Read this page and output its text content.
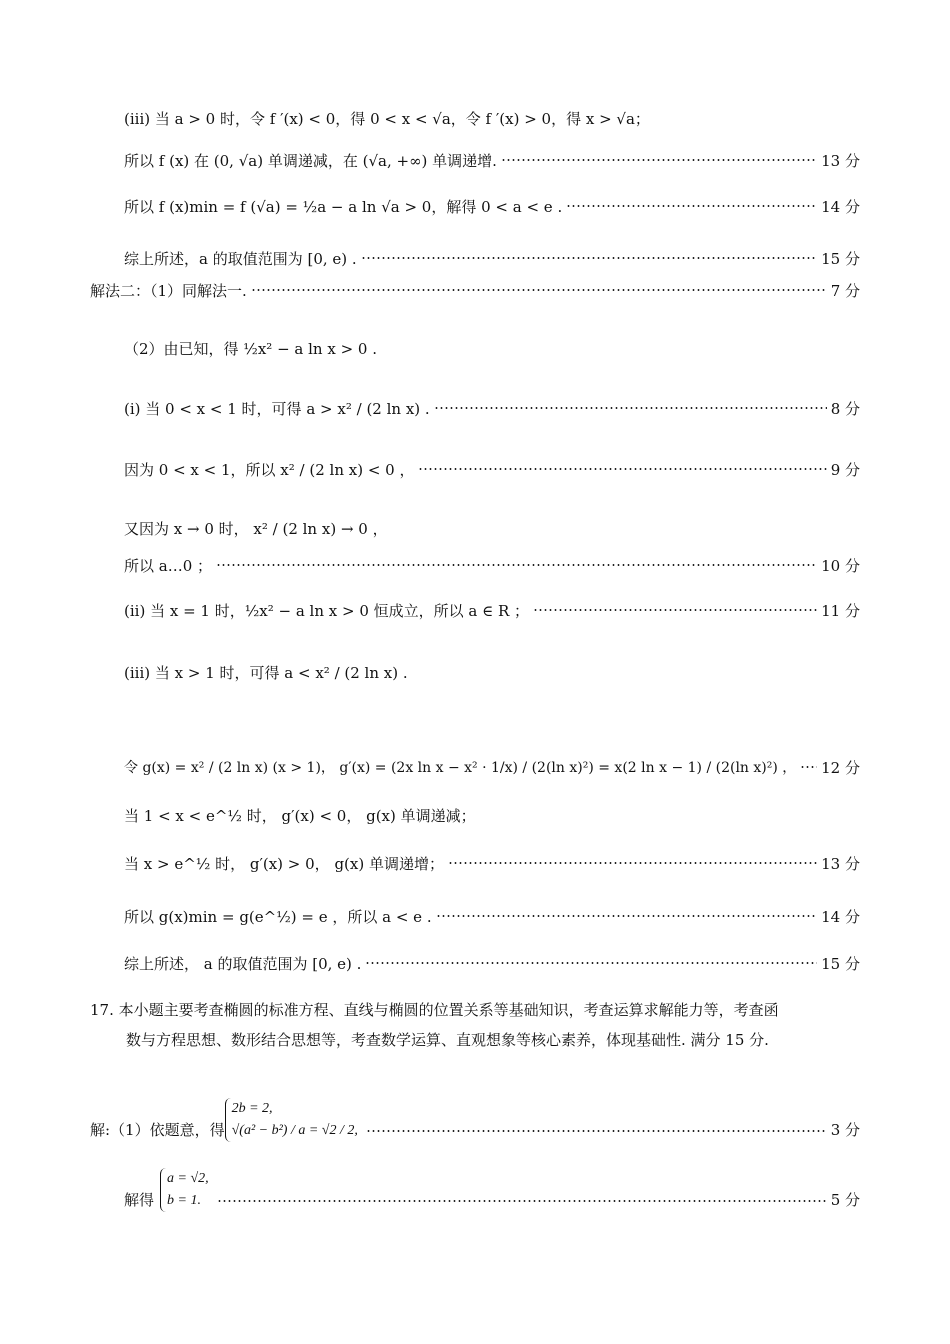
(iii) 当 a > 0 时，令 f ′(x) < 0，得 0 < x < √a，令 f ′(x) > 0，得 x > √a；
所以 f (x) 在 (0, √a) 单调递减，在 (√a, +∞) 单调递增.	13 分
所以 f (x)min = f (√a) = ½a − a ln √a > 0，解得 0 < a < e .	14 分
综上所述，a 的取值范围为 [0, e) .	15 分
解法二：（1）同解法一.	7 分
（2）由已知，得 ½x² − a ln x > 0 .
(i) 当 0 < x < 1 时，可得 a > x² / (2 ln x) .	8 分
因为 0 < x < 1，所以 x² / (2 ln x) < 0 ，	9 分
又因为 x → 0 时， x² / (2 ln x) → 0 ，
所以 a…0 ；	10 分
(ii) 当 x = 1 时，½x² − a ln x > 0 恒成立，所以 a ∈ R ；	11 分
(iii) 当 x > 1 时，可得 a < x² / (2 ln x) .
令 g(x) = x² / (2 ln x) (x > 1)， g′(x) = (2x ln x − x² · 1/x) / (2(ln x)²) = x(2 ln x − 1) / (2(ln x)²) ， 12 分
当 1 < x < e^½ 时， g′(x) < 0， g(x) 单调递减；
当 x > e^½ 时， g′(x) > 0， g(x) 单调递增；	13 分
所以 g(x)min = g(e^½) = e ，所以 a < e .	14 分
综上所述， a 的取值范围为 [0, e) .	15 分
17. 本小题主要考查椭圆的标准方程、直线与椭圆的位置关系等基础知识，考查运算求解能力等，考查函
数与方程思想、数形结合思想等，考查数学运算、直观想象等核心素养，体现基础性. 满分 15 分.
解:（1）依题意，得
2b = 2,
√(a² − b²) / a = √2 / 2,	3 分
解得
a = √2,
b = 1.	5 分
